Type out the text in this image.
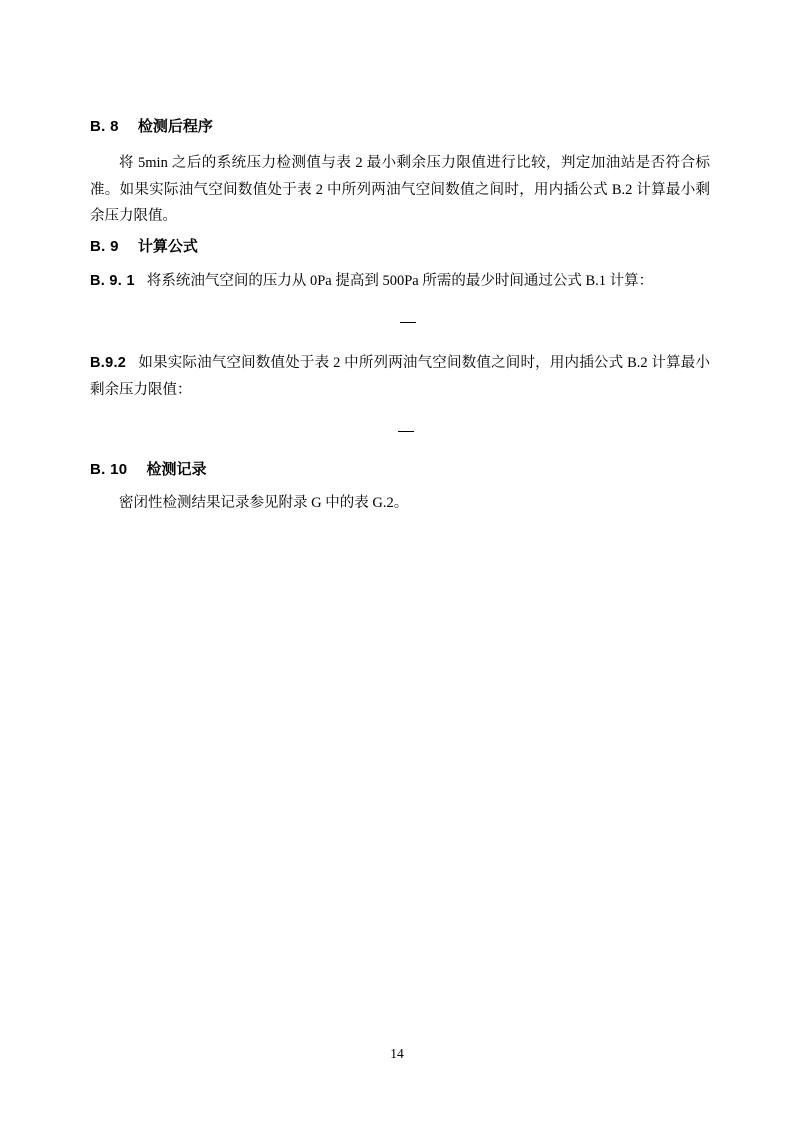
B. 8 检测后程序

将 5min 之后的系统压力检测值与表 2 最小剩余压力限值进行比较，判定加油站是否符合标准。如果实际油气空间数值处于表 2 中所列两油气空间数值之间时，用内插公式 B.2 计算最小剩余压力限值。

B. 9 计算公式

B. 9. 1 将系统油气空间的压力从 0Pa 提高到 500Pa 所需的最少时间通过公式 B.1 计算：

B.9.2 如果实际油气空间数值处于表 2 中所列两油气空间数值之间时，用内插公式 B.2 计算最小剩余压力限值：

B. 10 检测记录

密闭性检测结果记录参见附录 G 中的表 G.2。

14
